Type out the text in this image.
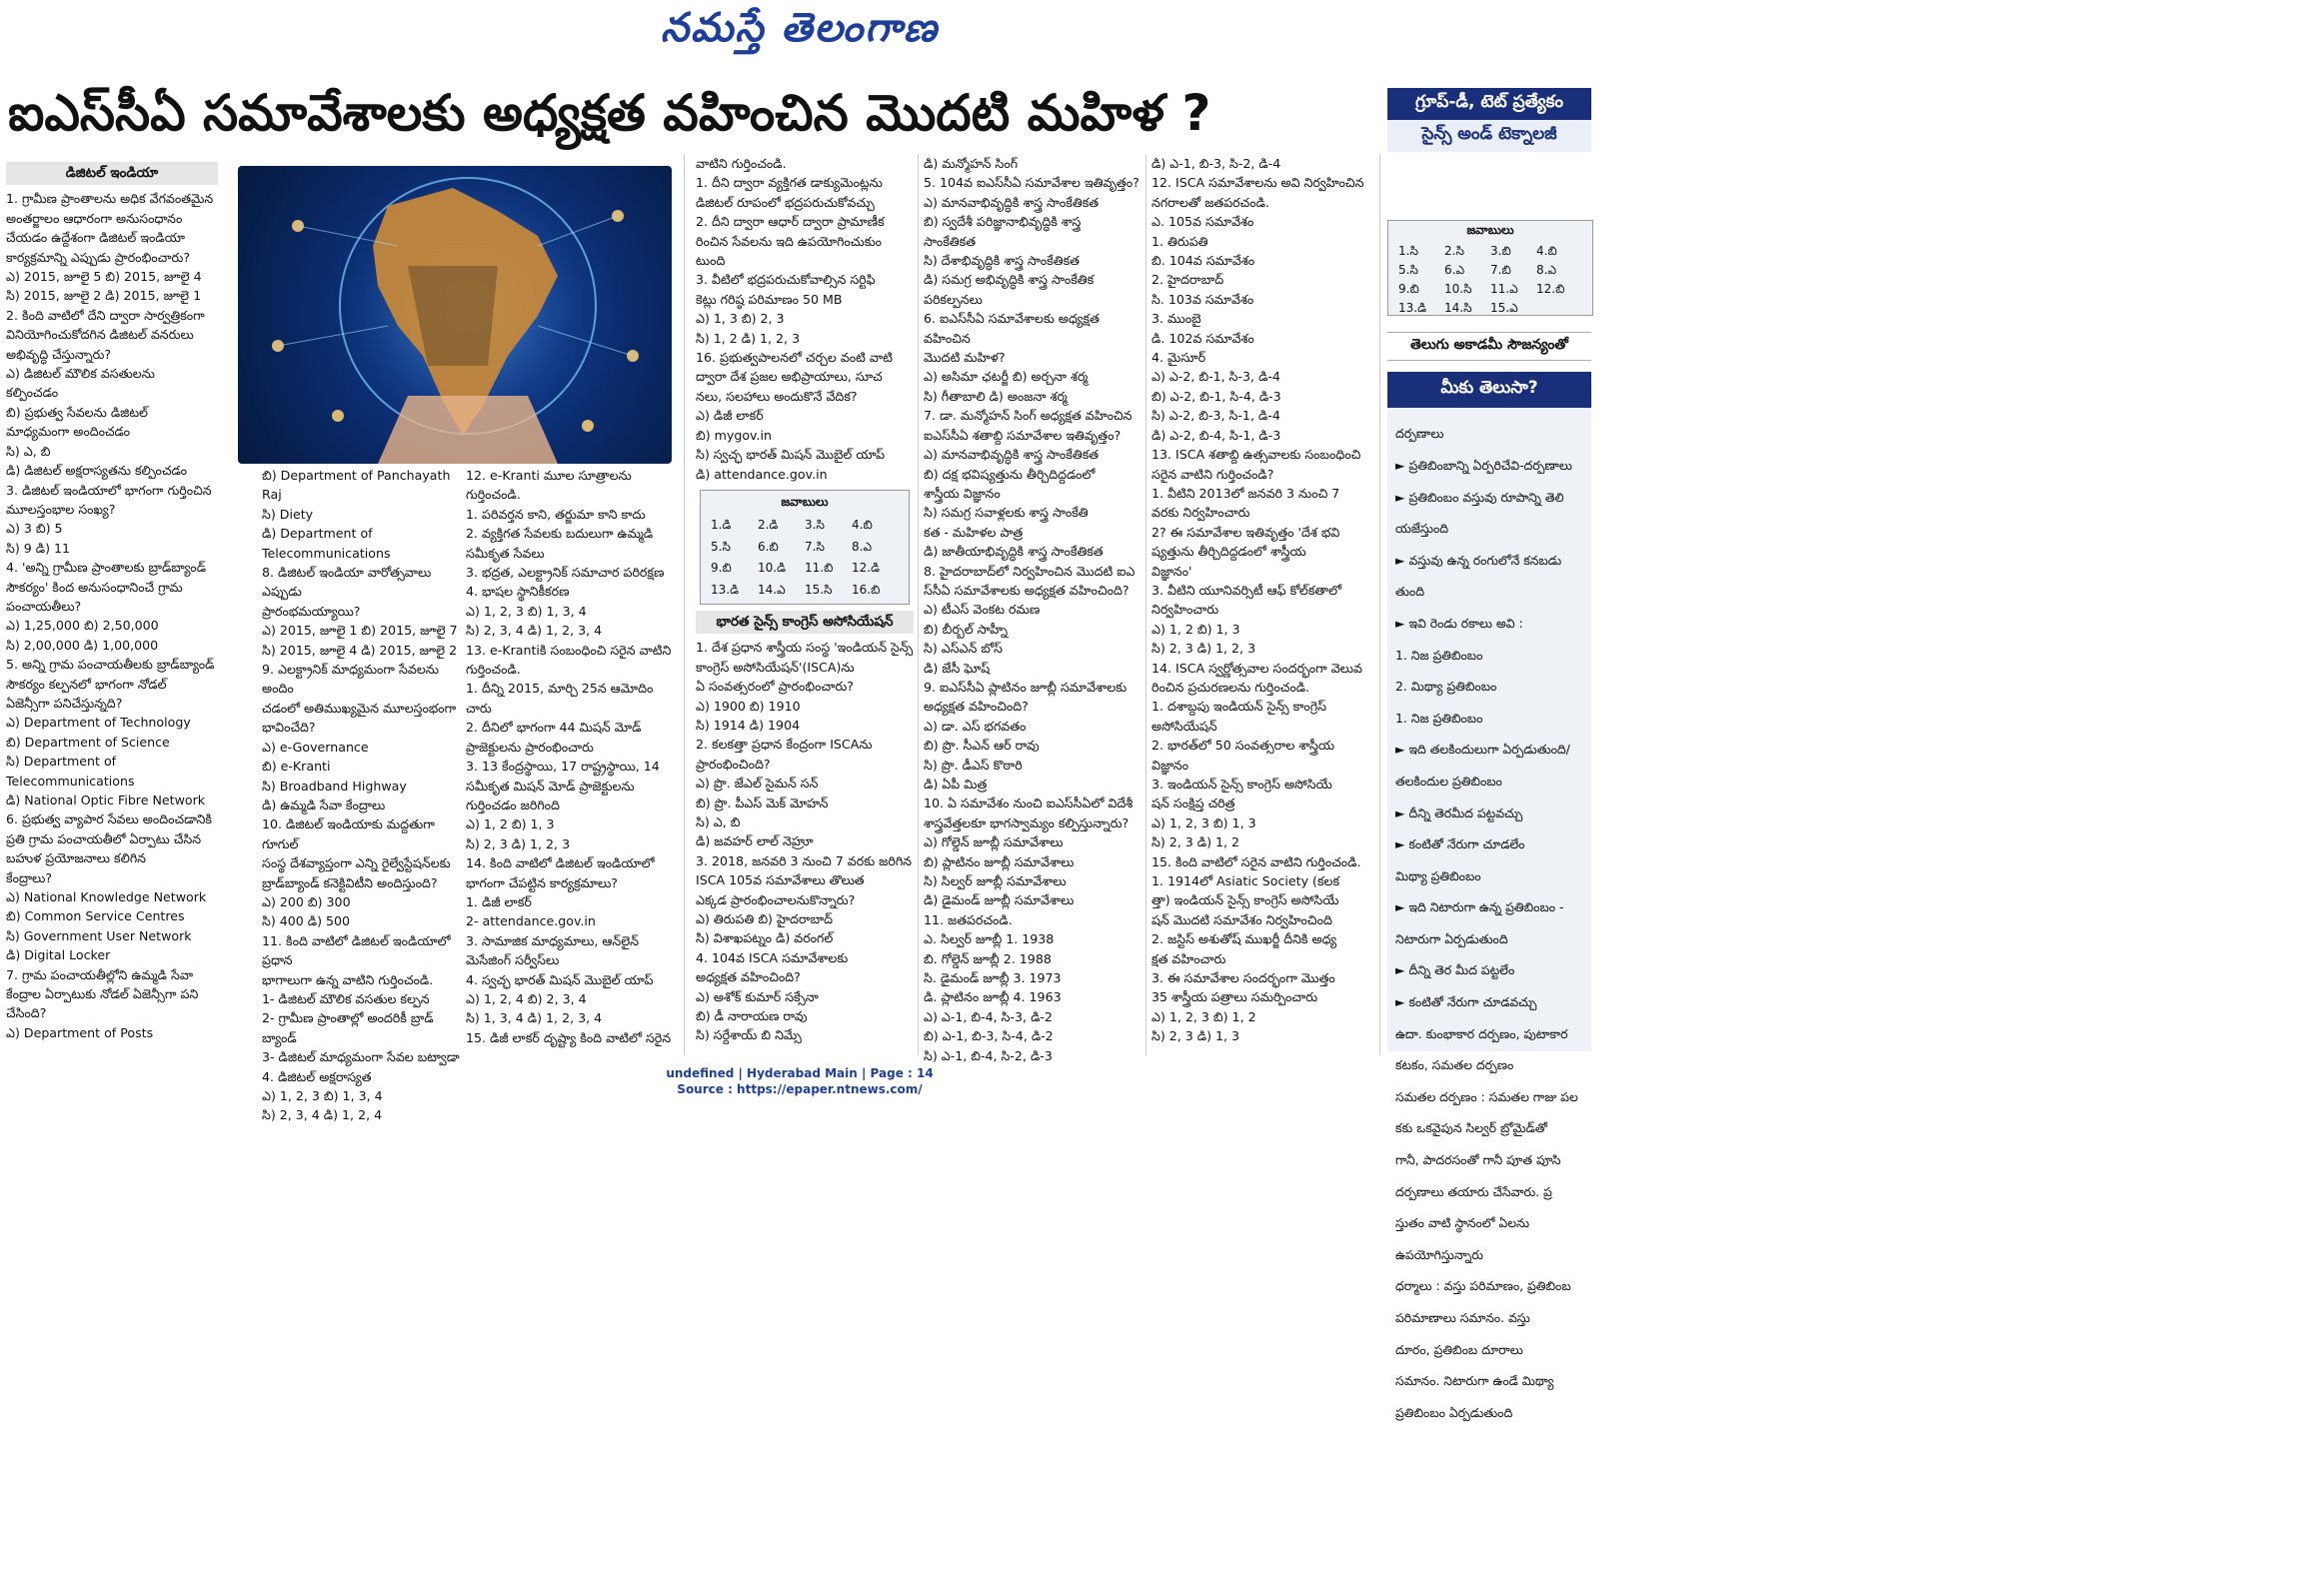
నమస్తే తెలంగాణ
ఐఎస్‌సీఏ సమావేశాలకు అధ్యక్షత వహించిన మొదటి మహిళ ?	గ్రూప్-డీ, టెట్ ప్రత్యేకం
సైన్స్ అండ్ టెక్నాలజీ
డిజిటల్ ఇండియా

1. గ్రామీణ ప్రాంతాలను అధిక వేగవంతమైన

అంతర్జాలం ఆధారంగా అనుసంధానం

చేయడం ఉద్దేశంగా డిజిటల్ ఇండియా

కార్యక్రమాన్ని ఎప్పుడు ప్రారంభించారు?

ఎ) 2015, జూలై 5 బి) 2015, జూలై 4

సి) 2015, జూలై 2 డి) 2015, జూలై 1

2. కింది వాటిలో దేని ద్వారా సార్వత్రికంగా

వినియోగించుకోదగిన డిజిటల్ వనరులు

అభివృద్ధి చేస్తున్నారు?

ఎ) డిజిటల్ మౌలిక వసతులను

కల్పించడం

బి) ప్రభుత్వ సేవలను డిజిటల్

మాధ్యమంగా అందించడం

సి) ఎ, బి

డి) డిజిటల్ అక్షరాస్యతను కల్పించడం

3. డిజిటల్ ఇండియాలో భాగంగా గుర్తించిన

మూలస్తంభాల సంఖ్య?

ఎ) 3 బి) 5

సి) 9 డి) 11

4. 'అన్ని గ్రామీణ ప్రాంతాలకు బ్రాడ్‌బ్యాండ్

సౌకర్యం' కింద అనుసంధానించే గ్రామ

పంచాయతీలు?

ఎ) 1,25,000 బి) 2,50,000

సి) 2,00,000 డి) 1,00,000

5. అన్ని గ్రామ పంచాయతీలకు బ్రాడ్‌బ్యాండ్

సౌకర్యం కల్పనలో భాగంగా నోడల్

ఏజెన్సీగా పనిచేస్తున్నది?

ఎ) Department of Technology

బి) Department of Science

సి) Department of

Telecommunications

డి) National Optic Fibre Network

6. ప్రభుత్వ వ్యాపార సేవలు అందించడానికి

ప్రతి గ్రామ పంచాయతీలో ఏర్పాటు చేసిన

బహుళ ప్రయోజనాలు కలిగిన

కేంద్రాలు?

ఎ) National Knowledge Network

బి) Common Service Centres

సి) Government User Network

డి) Digital Locker

7. గ్రామ పంచాయతీల్లోని ఉమ్మడి సేవా

కేంద్రాల ఏర్పాటుకు నోడల్ ఏజెన్సీగా పని

చేసింది?

ఎ) Department of Posts

బి) Department of Panchayath

Raj

సి) Diety

డి) Department of

Telecommunications

8. డిజిటల్ ఇండియా వారోత్సవాలు ఎప్పుడు

ప్రారంభమయ్యాయి?

ఎ) 2015, జూలై 1 బి) 2015, జూలై 7

సి) 2015, జూలై 4 డి) 2015, జూలై 2

9. ఎలక్ట్రానిక్ మాధ్యమంగా సేవలను అందిం

చడంలో అతిముఖ్యమైన మూలస్తంభంగా

భావించేది?

ఎ) e-Governance

బి) e-Kranti

సి) Broadband Highway

డి) ఉమ్మడి సేవా కేంద్రాలు

10. డిజిటల్ ఇండియాకు మద్దతుగా గూగుల్

సంస్థ దేశవ్యాప్తంగా ఎన్ని రైల్వేస్టేషన్‌లకు

బ్రాడ్‌బ్యాండ్ కనెక్టివిటీని అందిస్తుంది?

ఎ) 200 బి) 300

సి) 400 డి) 500

11. కింది వాటిలో డిజిటల్ ఇండియాలో ప్రధాన

భాగాలుగా ఉన్న వాటిని గుర్తించండి.

1- డిజిటల్ మౌలిక వసతుల కల్పన

2- గ్రామీణ ప్రాంతాల్లో అందరికీ బ్రాడ్

బ్యాండ్

3- డిజిటల్ మాధ్యమంగా సేవల బట్వాడా

4. డిజిటల్ అక్షరాస్యత

ఎ) 1, 2, 3 బి) 1, 3, 4

సి) 2, 3, 4 డి) 1, 2, 4

12. e-Kranti మూల సూత్రాలను

గుర్తించండి.

1. పరివర్తన కాని, తర్జుమా కాని కాదు

2. వ్యక్తిగత సేవలకు బదులుగా ఉమ్మడి

సమీకృత సేవలు

3. భద్రత, ఎలక్ట్రానిక్ సమాచార పరిరక్షణ

4. భాషల స్థానికీకరణ

ఎ) 1, 2, 3 బి) 1, 3, 4

సి) 2, 3, 4 డి) 1, 2, 3, 4

13. e-Krantiకి సంబంధించి సరైన వాటిని

గుర్తించండి.

1. దీన్ని 2015, మార్చి 25న ఆమోదిం

చారు

2. దీనిలో భాగంగా 44 మిషన్ మోడ్

ప్రాజెక్టులను ప్రారంభించారు

3. 13 కేంద్రస్థాయి, 17 రాష్ట్రస్థాయి, 14

సమీకృత మిషన్ మోడ్ ప్రాజెక్టులను

గుర్తించడం జరిగింది

ఎ) 1, 2 బి) 1, 3

సి) 2, 3 డి) 1, 2, 3

14. కింది వాటిలో డిజిటల్ ఇండియాలో

భాగంగా చేపట్టిన కార్యక్రమాలు?

1. డిజీ లాకర్

2- attendance.gov.in

3. సామాజిక మాధ్యమాలు, ఆన్‌లైన్

మెసేజింగ్ సర్వీస్‌లు

4. స్వచ్ఛ భారత్ మిషన్ మొబైల్ యాప్

ఎ) 1, 2, 4 బి) 2, 3, 4

సి) 1, 3, 4 డి) 1, 2, 3, 4

15. డిజీ లాకర్ దృష్ట్యా కింది వాటిలో సరైన

వాటిని గుర్తించండి.

1. దీని ద్వారా వ్యక్తిగత డాక్యుమెంట్లను

డిజిటల్ రూపంలో భద్రపరుచుకోవచ్చు

2. దీని ద్వారా ఆధార్ ద్వారా ప్రామాణీక

రించిన సేవలను ఇది ఉపయోగించుకుం

టుంది

3. వీటిలో భద్రపరుచుకోవాల్సిన సర్టిఫి

కెట్లు గరిష్ఠ పరిమాణం 50 MB

ఎ) 1, 3 బి) 2, 3

సి) 1, 2 డి) 1, 2, 3

16. ప్రభుత్వపాలనలో చర్చల వంటి వాటి

ద్వారా దేశ ప్రజల అభిప్రాయాలు, సూచ

నలు, సలహాలు అందుకొనే వేదిక?

ఎ) డిజీ లాకర్

బి) mygov.in

సి) స్వచ్ఛ భారత్ మిషన్ మొబైల్ యాప్

డి) attendance.gov.in

జవాబులు
1.డి	2.డి	3.సి	4.బి
5.సి	6.బి	7.సి	8.ఎ
9.బి	10.డి	11.బి	12.డి
13.డి	14.ఎ	15.సి	16.బి
భారత సైన్స్ కాంగ్రెస్ అసోసియేషన్

1. దేశ ప్రధాన శాస్త్రీయ సంస్థ 'ఇండియన్ సైన్స్

కాంగ్రెస్ అసోసియేషన్'(ISCA)ను

ఏ సంవత్సరంలో ప్రారంభించారు?

ఎ) 1900 బి) 1910

సి) 1914 డి) 1904

2. కలకత్తా ప్రధాన కేంద్రంగా ISCAను

ప్రారంభించింది?

ఎ) ప్రొ. జేఎల్ సైమన్ సన్

బి) ప్రొ. పీఎస్ మెక్ మోహన్

సి) ఎ, బి

డి) జవహర్ లాల్ నెహ్రూ

3. 2018, జనవరి 3 నుంచి 7 వరకు జరిగిన

ISCA 105వ సమావేశాలు తొలుత

ఎక్కడ ప్రారంభించాలనుకొన్నారు?

ఎ) తిరుపతి బి) హైదరాబాద్

సి) విశాఖపట్నం డి) వరంగల్

4. 104వ ISCA సమావేశాలకు

అధ్యక్షత వహించింది?

ఎ) అశోక్ కుమార్ సక్సేనా

బి) డీ నారాయణ రావు

సి) సర్దేశాయ్ బి నిమ్సే

డి) మన్మోహన్ సింగ్

5. 104వ ఐఎస్‌సీఏ సమావేశాల ఇతివృత్తం?

ఎ) మానవాభివృద్ధికి శాస్త్ర సాంకేతికత

బి) స్వదేశీ పరిజ్ఞానాభివృద్ధికి శాస్త్ర

సాంకేతికత

సి) దేశాభివృద్ధికి శాస్త్ర సాంకేతికత

డి) సమగ్ర అభివృద్ధికి శాస్త్ర సాంకేతిక

పరికల్పనలు

6. ఐఎస్‌సీఏ సమావేశాలకు అధ్యక్షత వహించిన

మొదటి మహిళ?

ఎ) అసిమా ఛటర్జీ బి) అర్చనా శర్మ

సి) గీతాబాలి డి) అంజనా శర్మ

7. డా. మన్మోహన్ సింగ్ అధ్యక్షత వహించిన

ఐఎస్‌సీఏ శతాబ్ది సమావేశాల ఇతివృత్తం?

ఎ) మానవాభివృద్ధికి శాస్త్ర సాంకేతికత

బి) దక్ష భవిష్యత్తును తీర్చిదిద్దడంలో

శాస్త్రీయ విజ్ఞానం

సి) సమగ్ర సవాళ్లలకు శాస్త్ర సాంకేతి

కత - మహిళల పాత్ర

డి) జాతీయాభివృద్ధికి శాస్త్ర సాంకేతికత

8. హైదరాబాద్‌లో నిర్వహించిన మొదటి ఐఎ

స్‌సీఏ సమావేశాలకు అధ్యక్షత వహించింది?

ఎ) టీఎస్ వెంకట రమణ

బి) బీర్బల్ సాహ్నీ

సి) ఎస్ఎన్ బోస్

డి) జేసీ ఘోష్

9. ఐఎస్‌సీఏ ప్లాటినం జూబ్లీ సమావేశాలకు

అధ్యక్షత వహించింది?

ఎ) డా. ఎస్ భగవతం

బి) ప్రొ. సీఎన్ ఆర్ రావు

సి) ప్రొ. డీఎస్ కొఠారి

డి) ఏపీ మిత్ర

10. ఏ సమావేశం నుంచి ఐఎస్‌సీఏలో విదేశీ

శాస్త్రవేత్తలకూ భాగస్వామ్యం కల్పిస్తున్నారు?

ఎ) గోల్డెన్ జూబ్లీ సమావేశాలు

బి) ప్లాటినం జూబ్లీ సమావేశాలు

సి) సిల్వర్ జూబ్లీ సమావేశాలు

డి) డైమండ్ జూబ్లీ సమావేశాలు

11. జతపరచండి.

ఎ. సిల్వర్ జూబ్లీ 1. 1938

బి. గోల్డెన్ జూబ్లీ 2. 1988

సి. డైమండ్ జూబ్లీ 3. 1973

డి. ప్లాటినం జూబ్లీ 4. 1963

ఎ) ఎ-1, బి-4, సి-3, డి-2

బి) ఎ-1, బి-3, సి-4, డి-2

సి) ఎ-1, బి-4, సి-2, డి-3

డి) ఎ-1, బి-3, సి-2, డి-4

12. ISCA సమావేశాలను అవి నిర్వహించిన

నగరాలతో జతపరచండి.

ఎ. 105వ సమావేశం

1. తిరుపతి

బి. 104వ సమావేశం

2. హైదరాబాద్

సి. 103వ సమావేశం

3. ముంబై

డి. 102వ సమావేశం

4. మైసూర్

ఎ) ఎ-2, బి-1, సి-3, డి-4

బి) ఎ-2, బి-1, సి-4, డి-3

సి) ఎ-2, బి-3, సి-1, డి-4

డి) ఎ-2, బి-4, సి-1, డి-3

13. ISCA శతాబ్ది ఉత్సవాలకు సంబంధించి

సరైన వాటిని గుర్తించండి?

1. వీటిని 2013లో జనవరి 3 నుంచి 7

వరకు నిర్వహించారు

2? ఈ సమావేశాల ఇతివృత్తం 'దేశ భవి

ష్యత్తును తీర్చిదిద్దడంలో శాస్త్రీయ

విజ్ఞానం'

3. వీటిని యూనివర్సిటీ ఆఫ్ కోల్‌కతాలో

నిర్వహించారు

ఎ) 1, 2 బి) 1, 3

సి) 2, 3 డి) 1, 2, 3

14. ISCA స్వర్ణోత్సవాల సందర్భంగా వెలువ

రించిన ప్రచురణలను గుర్తించండి.

1. దశాబ్దపు ఇండియన్ సైన్స్ కాంగ్రెస్

అసోసియేషన్

2. భారత్‌లో 50 సంవత్సరాల శాస్త్రీయ

విజ్ఞానం

3. ఇండియన్ సైన్స్ కాంగ్రెస్ అసోసియే

షన్ సంక్షిప్త చరిత్ర

ఎ) 1, 2, 3 బి) 1, 3

సి) 2, 3 డి) 1, 2

15. కింది వాటిలో సరైన వాటిని గుర్తించండి.

1. 1914లో Asiatic Society (కలక

త్తా) ఇండియన్ సైన్స్ కాంగ్రెస్ అసోసియే

షన్ మొదటి సమావేశం నిర్వహించింది

2. జస్టిస్ అశుతోష్ ముఖర్జీ దీనికి అధ్య

క్షత వహించారు

3. ఈ సమావేశాల సందర్భంగా మొత్తం

35 శాస్త్రీయ పత్రాలు సమర్పించారు

ఎ) 1, 2, 3 బి) 1, 2

సి) 2, 3 డి) 1, 3

జవాబులు
1.సి	2.సి	3.బి	4.బి
5.సి	6.ఎ	7.బి	8.ఎ
9.బి	10.సి	11.ఎ	12.బి
13.డి	14.సి	15.ఎ
తెలుగు అకాడమీ సౌజన్యంతో
మీకు తెలుసా?

దర్పణాలు

► ప్రతిబింబాన్ని ఏర్పరిచేవి-దర్పణాలు

► ప్రతిబింబం వస్తువు రూపాన్ని తెలి

యజేస్తుంది

► వస్తువు ఉన్న రంగులోనే కనబడు

తుంది

► ఇవి రెండు రకాలు అవి :

1. నిజ ప్రతిబింబం

2. మిథ్యా ప్రతిబింబం

1. నిజ ప్రతిబింబం

► ఇది తలకిందులుగా ఏర్పడుతుంది/

తలకిందుల ప్రతిబింబం

► దీన్ని తెరమీద పట్టవచ్చు

► కంటితో నేరుగా చూడలేం

మిథ్యా ప్రతిబింబం

► ఇది నిటారుగా ఉన్న ప్రతిబింబం -

నిటారుగా ఏర్పడుతుంది

► దీన్ని తెర మీద పట్టలేం

► కంటితో నేరుగా చూడవచ్చు

ఉదా. కుంభాకార దర్పణం, పుటాకార

కటకం, సమతల దర్పణం

సమతల దర్పణం : సమతల గాజు పల

కకు ఒకవైపున సిల్వర్ బ్రోమైడ్‌తో

గానీ, పాదరసంతో గానీ పూత పూసి

దర్పణాలు తయారు చేసేవారు. ప్ర

స్తుతం వాటి స్థానంలో ఏలను

ఉపయోగిస్తున్నారు

ధర్మాలు : వస్తు పరిమాణం, ప్రతిబింబ

పరిమాణాలు సమానం. వస్తు

దూరం, ప్రతిబింబ దూరాలు

సమానం. నిటారుగా ఉండే మిథ్యా

ప్రతిబింబం ఏర్పడుతుంది

undefined | Hyderabad Main | Page : 14
Source : https://epaper.ntnews.com/
